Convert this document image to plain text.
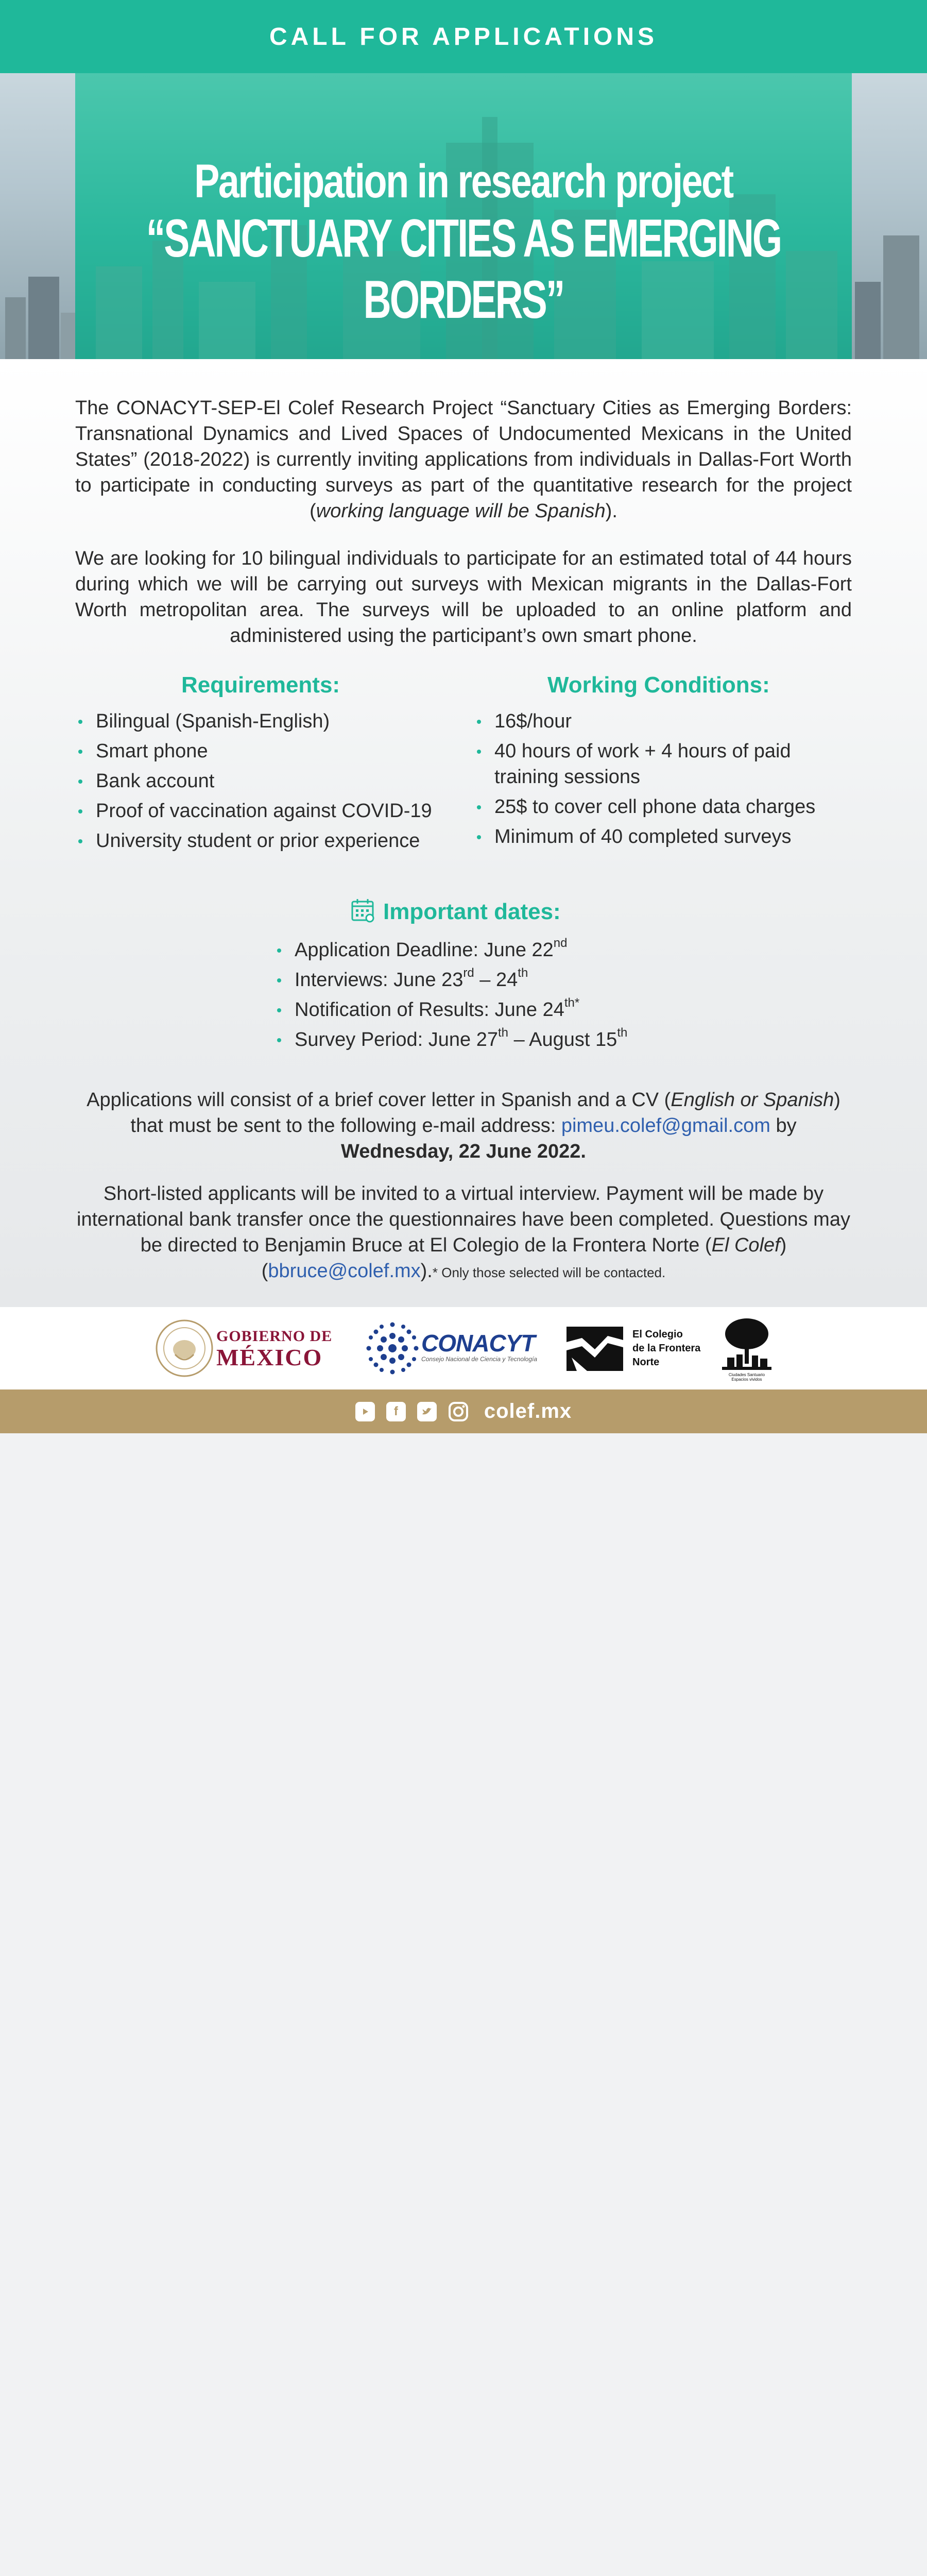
CALL FOR APPLICATIONS
Participation in research project
“SANCTUARY CITIES AS EMERGING BORDERS”
The CONACYT-SEP-El Colef Research Project “Sanctuary Cities as Emerging Borders: Transnational Dynamics and Lived Spaces of Undocumented Mexicans in the United States” (2018-2022) is currently inviting applications from individuals in Dallas-Fort Worth to participate in conducting surveys as part of the quantitative research for the project (working language will be Spanish).
We are looking for 10 bilingual individuals to participate for an estimated total of 44 hours during which we will be carrying out surveys with Mexican migrants in the Dallas-Fort Worth metropolitan area. The surveys will be uploaded to an online platform and administered using the participant’s own smart phone.
Requirements:
Bilingual (Spanish-English)
Smart phone
Bank account
Proof of vaccination against COVID-19
University student or prior experience
Working Conditions:
16$/hour
40 hours of work + 4 hours of paid training sessions
25$ to cover cell phone data charges
Minimum of 40 completed surveys
Important dates:
Application Deadline: June 22nd
Interviews: June 23rd – 24th
Notification of Results: June $24^{th*}$
Survey Period: June 27th – August 15th
Applications will consist of a brief cover letter in Spanish and a CV (English or Spanish) that must be sent to the following e-mail address: pimeu.colef@gmail.com by
Wednesday, 22 June 2022.
Short-listed applicants will be invited to a virtual interview. Payment will be made by international bank transfer once the questionnaires have been completed. Questions may be directed to Benjamin Bruce at El Colegio de la Frontera Norte (El Colef) (bbruce@colef.mx).* Only those selected will be contacted.
GOBIERNO DE
MÉXICO
CONACYT
Consejo Nacional de Ciencia y Tecnología
El Colegio
de la Frontera
Norte
Ciudades Santuario
Espacios vividos
f	colef.mx
